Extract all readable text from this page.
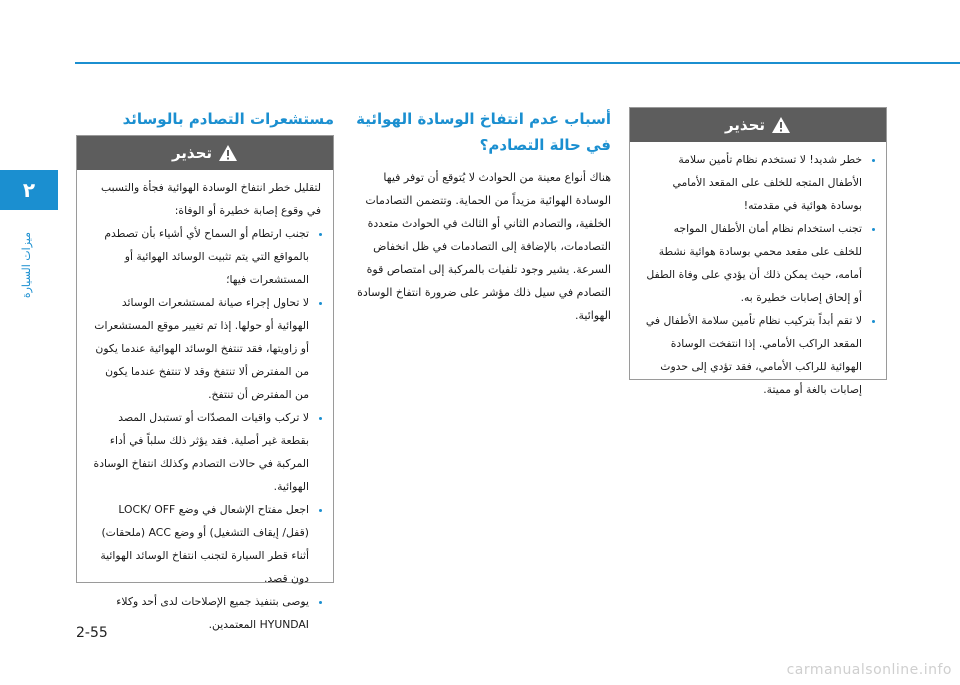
٢
ميزات السيارة
تحذير
• خطر شديد! لا تستخدم نظام تأمين سلامة الأطفال المتجه للخلف على المقعد الأمامي بوسادة هوائية في مقدمته!
• تجنب استخدام نظام أمان الأطفال المواجه للخلف على مقعد محمي بوسادة هوائية نشطة أمامه، حيث يمكن ذلك أن يؤدي على وفاة الطفل أو إلحاق إصابات خطيرة به.
• لا تقم أبداً بتركيب نظام تأمين سلامة الأطفال في المقعد الراكب الأمامي. إذا انتفخت الوسادة الهوائية للراكب الأمامي، فقد تؤدي إلى حدوث إصابات بالغة أو مميتة.
أسباب عدم انتفاخ الوسادة الهوائية في حالة التصادم؟

هناك أنواع معينة من الحوادث لا يُتوقع أن توفر فيها الوسادة الهوائية مزيداً من الحماية. وتتضمن التصادمات الخلفية، والتصادم الثاني أو الثالث في الحوادث متعددة التصادمات، بالإضافة إلى التصادمات في ظل انخفاض السرعة. يشير وجود تلفيات بالمركبة إلى امتصاص قوة التصادم في سيل ذلك مؤشر على ضرورة انتفاخ الوسادة الهوائية.

مستشعرات التصادم بالوسائد
تحذير

لتقليل خطر انتفاخ الوسادة الهوائية فجأة والتسبب في وقوع إصابة خطيرة أو الوفاة:

• تجنب ارتطام أو السماح لأي أشياء بأن تصطدم بالمواقع التي يتم تثبيت الوسائد الهوائية أو المستشعرات فيها؛
• لا تحاول إجراء صيانة لمستشعرات الوسائد الهوائية أو حولها. إذا تم تغيير موقع المستشعرات أو زاويتها، فقد تنتفخ الوسائد الهوائية عندما يكون من المفترض ألا تنتفخ وقد لا تنتفخ عندما يكون من المفترض أن تنتفخ.
• لا تركب واقيات المصدّات أو تستبدل المصد بقطعة غير أصلية. فقد يؤثر ذلك سلباً في أداء المركبة في حالات التصادم وكذلك انتفاخ الوسادة الهوائية.
• اجعل مفتاح الإشعال في وضع LOCK/ OFF (قفل/ إيقاف التشغيل) أو وضع ACC (ملحقات) أثناء قطر السيارة لتجنب انتفاخ الوسائد الهوائية دون قصد.
• يوصى بتنفيذ جميع الإصلاحات لدى أحد وكلاء HYUNDAI المعتمدين.
2-55
carmanualsonline.info
